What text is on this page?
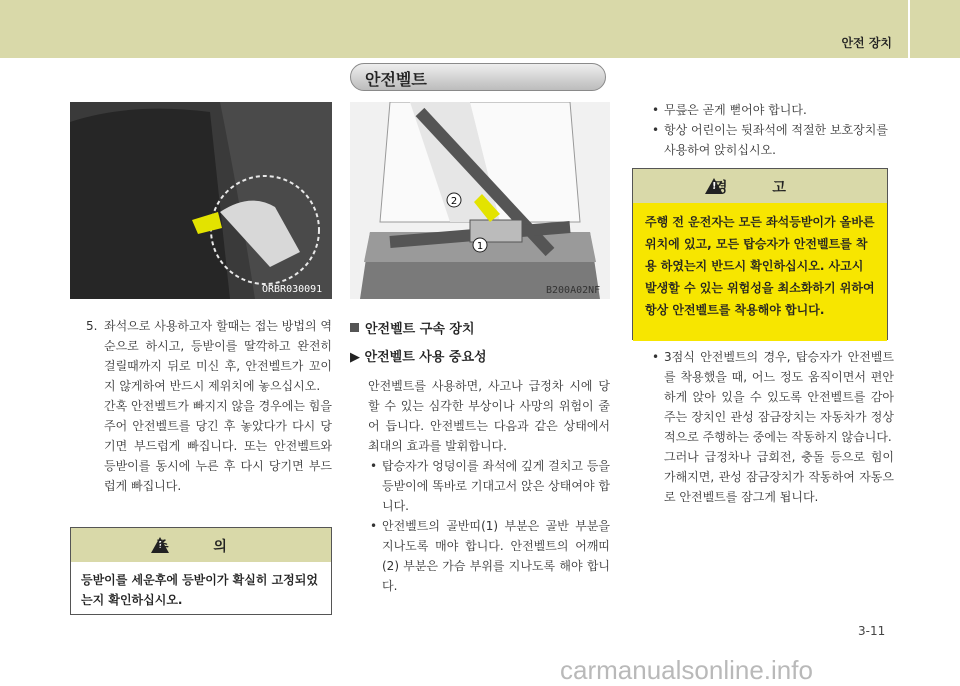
안전 장치
안전벨트
ORBR030091
1
2
B200A02NF
5. 좌석으로 사용하고자 할때는 접는 방법의 역순으로 하시고, 등받이를 딸깍하고 완전히 걸릴때까지 뒤로 미신 후, 안전벨트가 꼬이지 않게하여 반드시 제위치에 놓으십시오.

간혹 안전벨트가 빠지지 않을 경우에는 힘을 주어 안전벨트를 당긴 후 놓았다가 다시 당기면 부드럽게 빠집니다. 또는 안전벨트와 등받이를 동시에 누른 후 다시 당기면 부드럽게 빠집니다.

!
주 의
등받이를 세운후에 등받이가 확실히 고정되었는지 확인하십시오.
안전벨트 구속 장치
▶ 안전벨트 사용 중요성

안전벨트를 사용하면, 사고나 급정차 시에 당할 수 있는 심각한 부상이나 사망의 위험이 줄어 듭니다. 안전벨트는 다음과 같은 상태에서 최대의 효과를 발휘합니다.

• 탑승자가 엉덩이를 좌석에 깊게 걸치고 등을 등받이에 똑바로 기대고서 앉은 상태여야 합니다.

• 안전벨트의 골반띠(1) 부분은 골반 부분을 지나도록 매야 합니다. 안전벨트의 어깨띠(2) 부분은 가슴 부위를 지나도록 해야 합니다.

• 무릎은 곧게 뻗어야 합니다.

• 항상 어린이는 뒷좌석에 적절한 보호장치를 사용하여 앉히십시오.

!
경 고
주행 전 운전자는 모든 좌석등받이가 올바른 위치에 있고, 모든 탑승자가 안전벨트를 착용 하였는지 반드시 확인하십시오. 사고시 발생할 수 있는 위험성을 최소화하기 위하여 항상 안전벨트를 착용해야 합니다.

• 3점식 안전벨트의 경우, 탑승자가 안전벨트를 착용했을 때, 어느 정도 움직이면서 편안하게 앉아 있을 수 있도록 안전벨트를 감아 주는 장치인 관성 잠금장치는 자동차가 정상적으로 주행하는 중에는 작동하지 않습니다.

그러나 급정차나 급회전, 충돌 등으로 힘이 가해지면, 관성 잠금장치가 작동하여 자동으로 안전벨트를 잠그게 됩니다.

3-11
carmanualsonline.info
